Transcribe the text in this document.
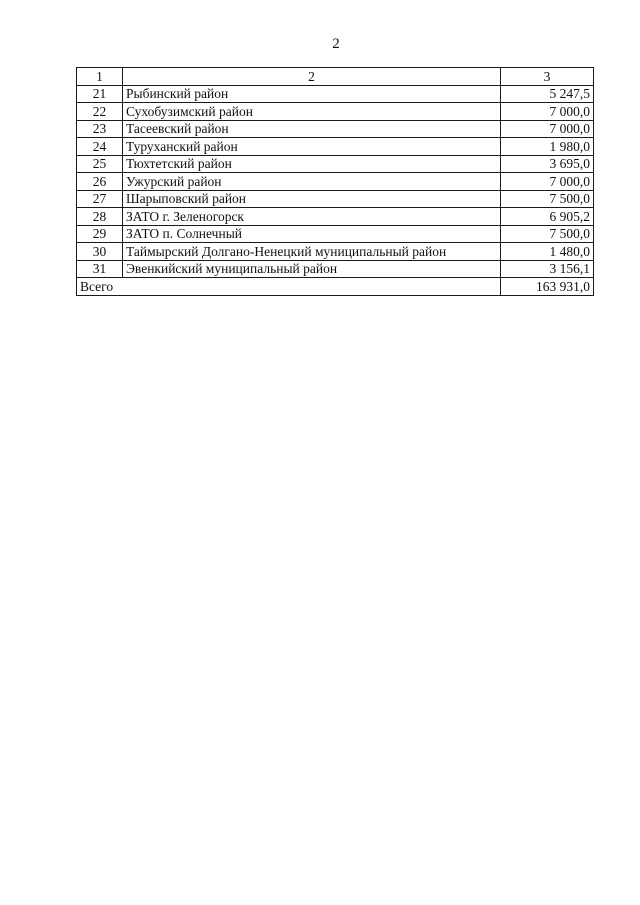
2
1	2	3
21	Рыбинский район	5 247,5
22	Сухобузимский район	7 000,0
23	Тасеевский район	7 000,0
24	Туруханский район	1 980,0
25	Тюхтетский район	3 695,0
26	Ужурский район	7 000,0
27	Шарыповский район	7 500,0
28	ЗАТО г. Зеленогорск	6 905,2
29	ЗАТО п. Солнечный	7 500,0
30	Таймырский Долгано-Ненецкий муниципальный район	1 480,0
31	Эвенкийский муниципальный район	3 156,1
Всего		163 931,0
